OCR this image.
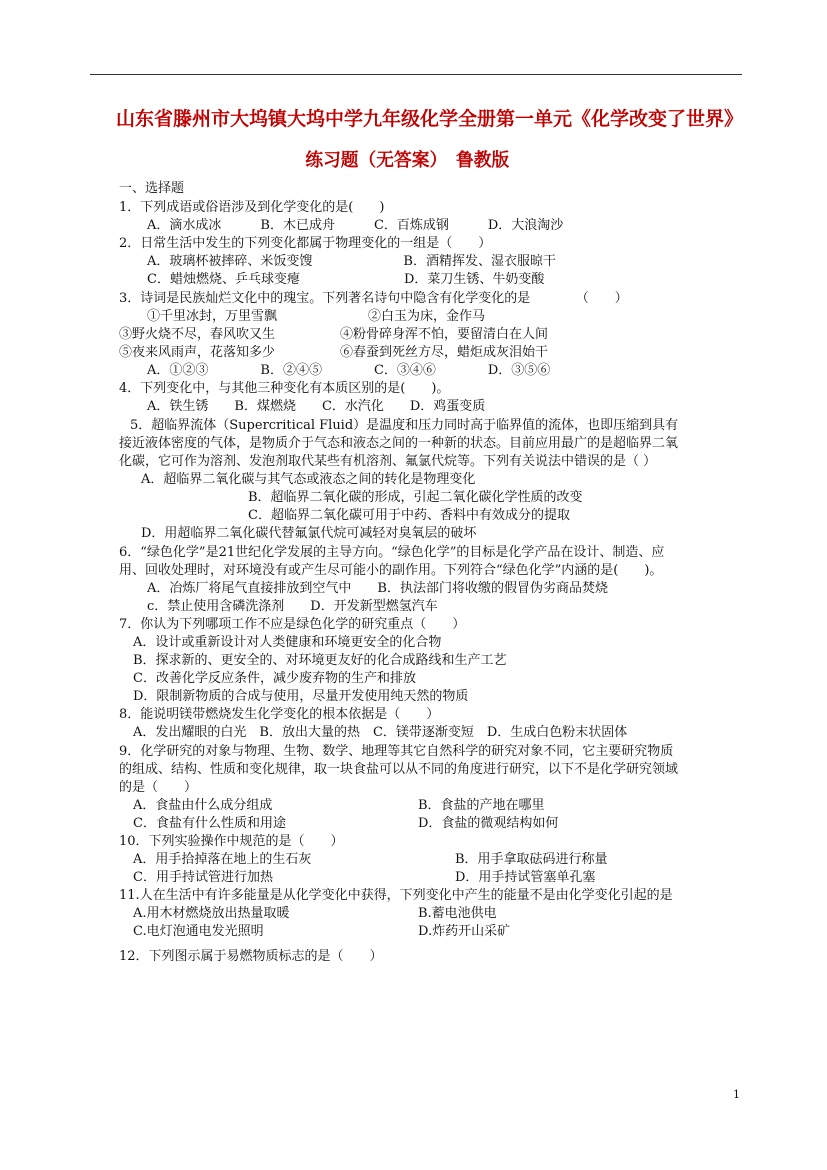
山东省滕州市大坞镇大坞中学九年级化学全册第一单元《化学改变了世界》
练习题（无答案）　鲁教版
一、选择题
1．下列成语或俗语涉及到化学变化的是(　　)
A．滴水成冰　　　B．木已成舟　　　C．百炼成钢　　　D．大浪淘沙
2．日常生活中发生的下列变化都属于物理变化的一组是（　　）
A．玻璃杯被摔碎、米饭变馊　　　　　　　B．酒精挥发、湿衣服晾干
C．蜡烛燃烧、乒乓球变瘪　　　　　　　　D．菜刀生锈、牛奶变酸
3．诗词是民族灿烂文化中的瑰宝。下列著名诗句中隐含有化学变化的是　　　　（　　）
①千里冰封，万里雪飘　　　　　　　②白玉为床，金作马
③野火烧不尽，春风吹又生　　　　　④粉骨碎身浑不怕，要留清白在人间
⑤夜来风雨声，花落知多少　　　　　⑥春蚕到死丝方尽，蜡炬成灰泪始干
A．①②③　　　　B．②④⑤　　　　C．③④⑥　　　　D．③⑤⑥
4．下列变化中，与其他三种变化有本质区别的是(　　)。
A．铁生锈　　B．煤燃烧　　C．水汽化　　D．鸡蛋变质
5．超临界流体（Supercritical Fluid）是温度和压力同时高于临界值的流体，也即压缩到具有
接近液体密度的气体，是物质介于气态和液态之间的一种新的状态。目前应用最广的是超临界二氧
化碳，它可作为溶剂、发泡剂取代某些有机溶剂、氟氯代烷等。下列有关说法中错误的是（ ）
A．超临界二氧化碳与其气态或液态之间的转化是物理变化
B．超临界二氧化碳的形成，引起二氧化碳化学性质的改变
C．超临界二氧化碳可用于中药、香料中有效成分的提取
D．用超临界二氧化碳代替氟氯代烷可减轻对臭氧层的破坏
6．“绿色化学”是21世纪化学发展的主导方向。“绿色化学”的目标是化学产品在设计、制造、应
用、回收处理时，对环境没有或产生尽可能小的副作用。下列符合“绿色化学”内涵的是(　　)。
A．冶炼厂将尾气直接排放到空气中　　B．执法部门将收缴的假冒伪劣商品焚烧
c．禁止使用含磷洗涤剂　　D．开发新型燃氢汽车
7．你认为下列哪项工作不应是绿色化学的研究重点（　　）
A．设计或重新设计对人类健康和环境更安全的化合物
B．探求新的、更安全的、对环境更友好的化合成路线和生产工艺
C．改善化学反应条件，减少废弃物的生产和排放
D．限制新物质的合成与使用，尽量开发使用纯天然的物质
8．能说明镁带燃烧发生化学变化的根本依据是（　　）
A．发出耀眼的白光　B．放出大量的热　C．镁带逐渐变短　D．生成白色粉末状固体
9．化学研究的对象与物理、生物、数学、地理等其它自然科学的研究对象不同，它主要研究物质
的组成、结构、性质和变化规律，取一块食盐可以从不同的角度进行研究，以下不是化学研究领域
的是（　　）
A．食盐由什么成分组成	B．食盐的产地在哪里
C．食盐有什么性质和用途	D．食盐的微观结构如何
10．下列实验操作中规范的是（　　）
A．用手拾掉落在地上的生石灰	B．用手拿取砝码进行称量
C．用手持试管进行加热	D．用手持试管塞单孔塞
11.人在生活中有许多能量是从化学变化中获得，下列变化中产生的能量不是由化学变化引起的是
A.用木材燃烧放出热量取暖	B.蓄电池供电
C.电灯泡通电发光照明	D.炸药开山采矿
12．下列图示属于易燃物质标志的是（　　）
1
